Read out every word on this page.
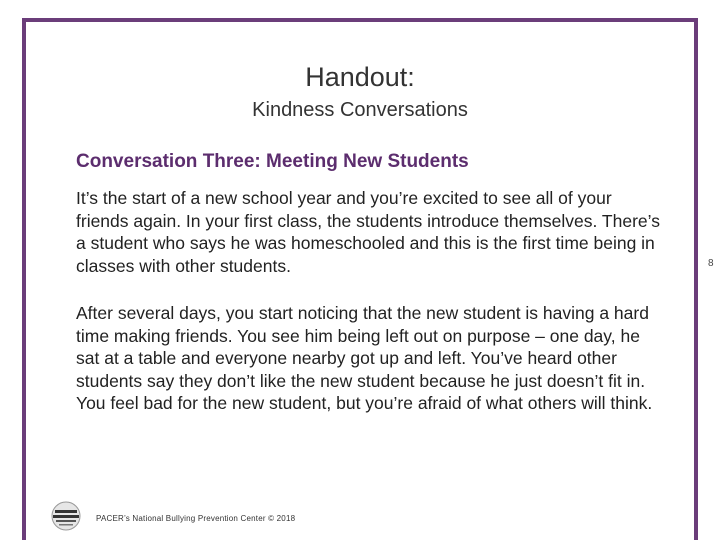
Handout:
Kindness Conversations
Conversation Three: Meeting New Students
It’s the start of a new school year and you’re excited to see all of your friends again. In your first class, the students introduce themselves. There’s a student who says he was homeschooled and this is the first time being in classes with other students.
After several days, you start noticing that the new student is having a hard time making friends. You see him being left out on purpose – one day, he sat at a table and everyone nearby got up and left. You’ve heard other students say they don’t like the new student because he just doesn’t fit in. You feel bad for the new student, but you’re afraid of what others will think.
8
PACER’s National Bullying Prevention Center © 2018
